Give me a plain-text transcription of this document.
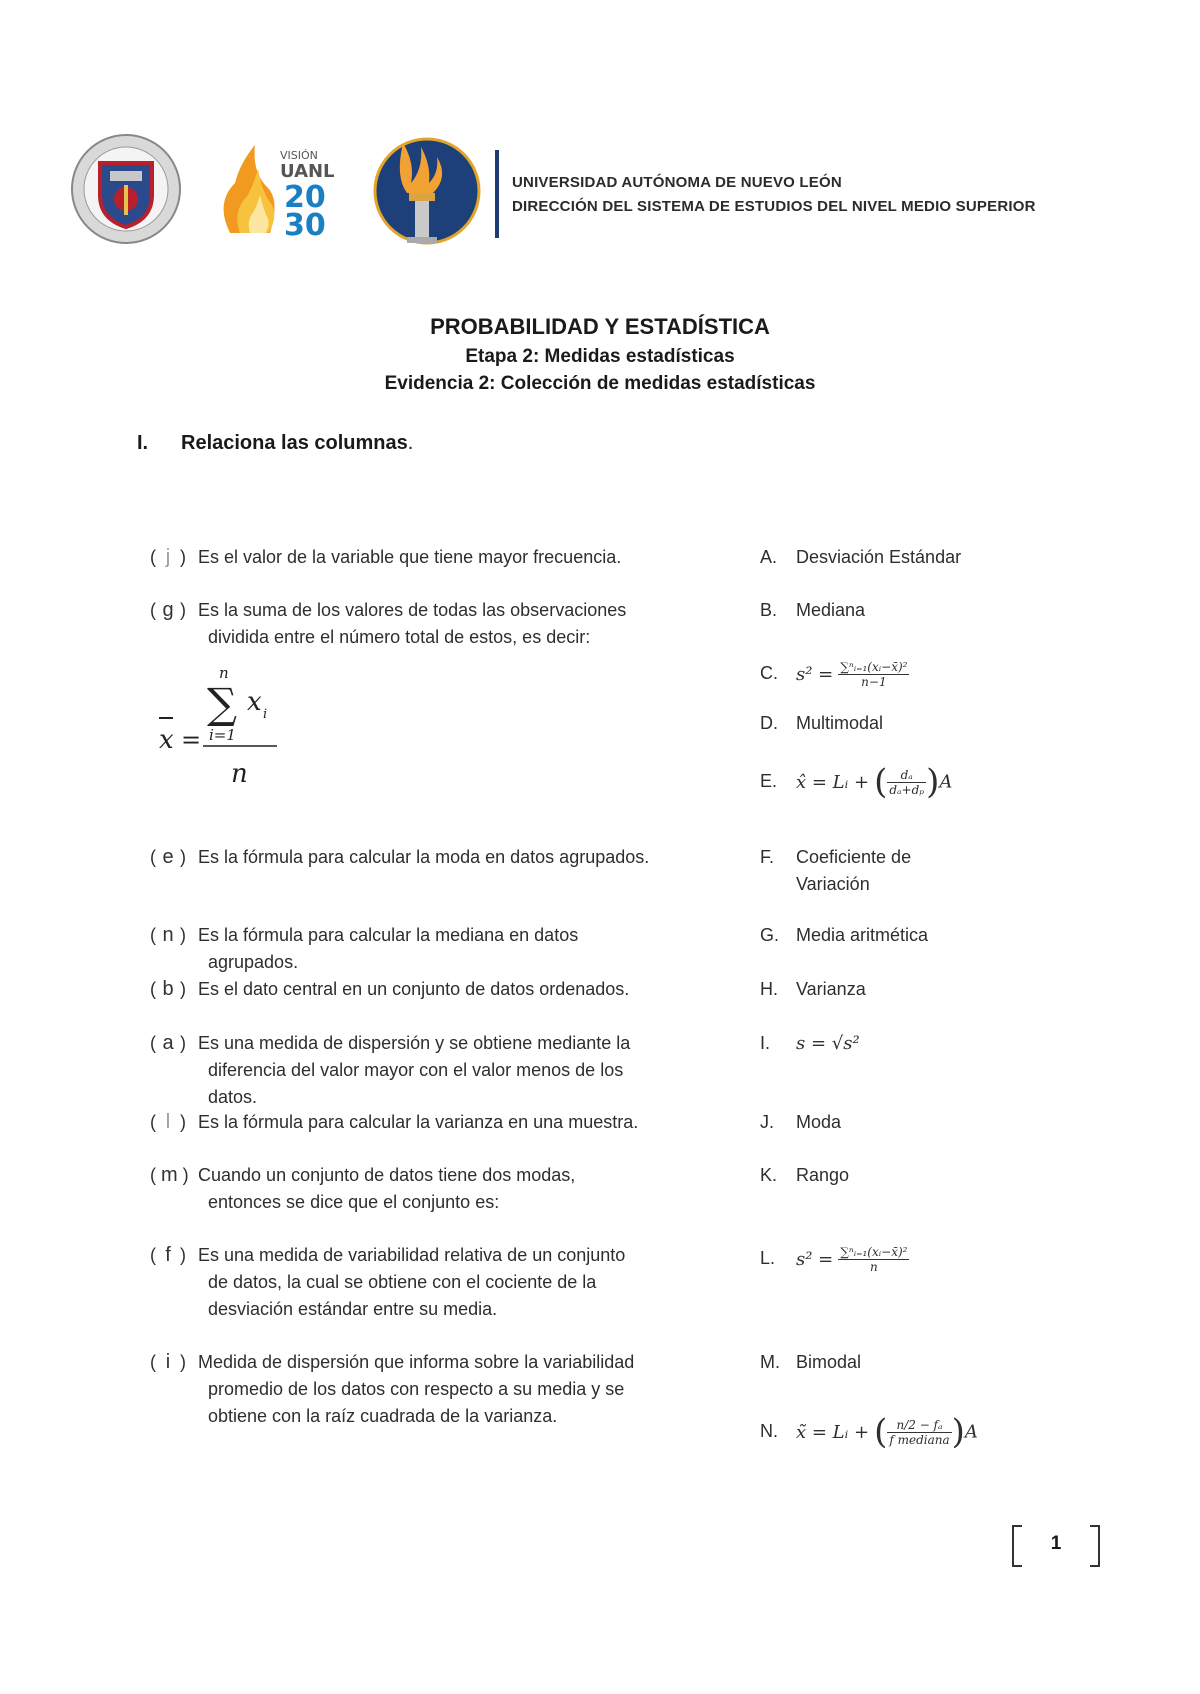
VISIÓN
UANL
20
30
UNIVERSIDAD AUTÓNOMA DE NUEVO LEÓN
DIRECCIÓN DEL SISTEMA DE ESTUDIOS DEL NIVEL MEDIO SUPERIOR
PROBABILIDAD Y ESTADÍSTICA
Etapa 2: Medidas estadísticas
Evidencia 2: Colección de medidas estadísticas
I. Relaciona las columnas.
( j ) Es el valor de la variable que tiene mayor frecuencia.
( g ) Es la suma de los valores de todas las observaciones
dividida entre el número total de estos, es decir:
x =
n
∑ x i
i=1
n
( e ) Es la fórmula para calcular la moda en datos agrupados.
( n ) Es la fórmula para calcular la mediana en datos
agrupados.
( b ) Es el dato central en un conjunto de datos ordenados.
( a ) Es una medida de dispersión y se obtiene mediante la
diferencia del valor mayor con el valor menos de los
datos.
( l ) Es la fórmula para calcular la varianza en una muestra.
( m ) Cuando un conjunto de datos tiene dos modas,
entonces se dice que el conjunto es:
( f ) Es una medida de variabilidad relativa de un conjunto
de datos, la cual se obtiene con el cociente de la
desviación estándar entre su media.
( i ) Medida de dispersión que informa sobre la variabilidad
promedio de los datos con respecto a su media y se
obtiene con la raíz cuadrada de la varianza.
A. Desviación Estándar
B. Mediana
C. $s^2 = \frac{\text{∑ⁿᵢ₌₁(xᵢ−x̄)²}}{n-1}$
D. Multimodal
E. x̂ = Lᵢ + ( $\frac{\text{dₐ}}{\text{dₐ+dₚ}} )A$
F. Coeficiente de
Variación
G. Media aritmética
H. Varianza
I. s = √s²
J. Moda
K. Rango
L. $s^2 = \frac{\text{∑ⁿᵢ₌₁(xᵢ−x̄)²}}{n}$
M. Bimodal
N. x̃ = Lᵢ + ( $\frac{\text{n/2 − fₐ}}{\text{f mediana}} )A$
1
